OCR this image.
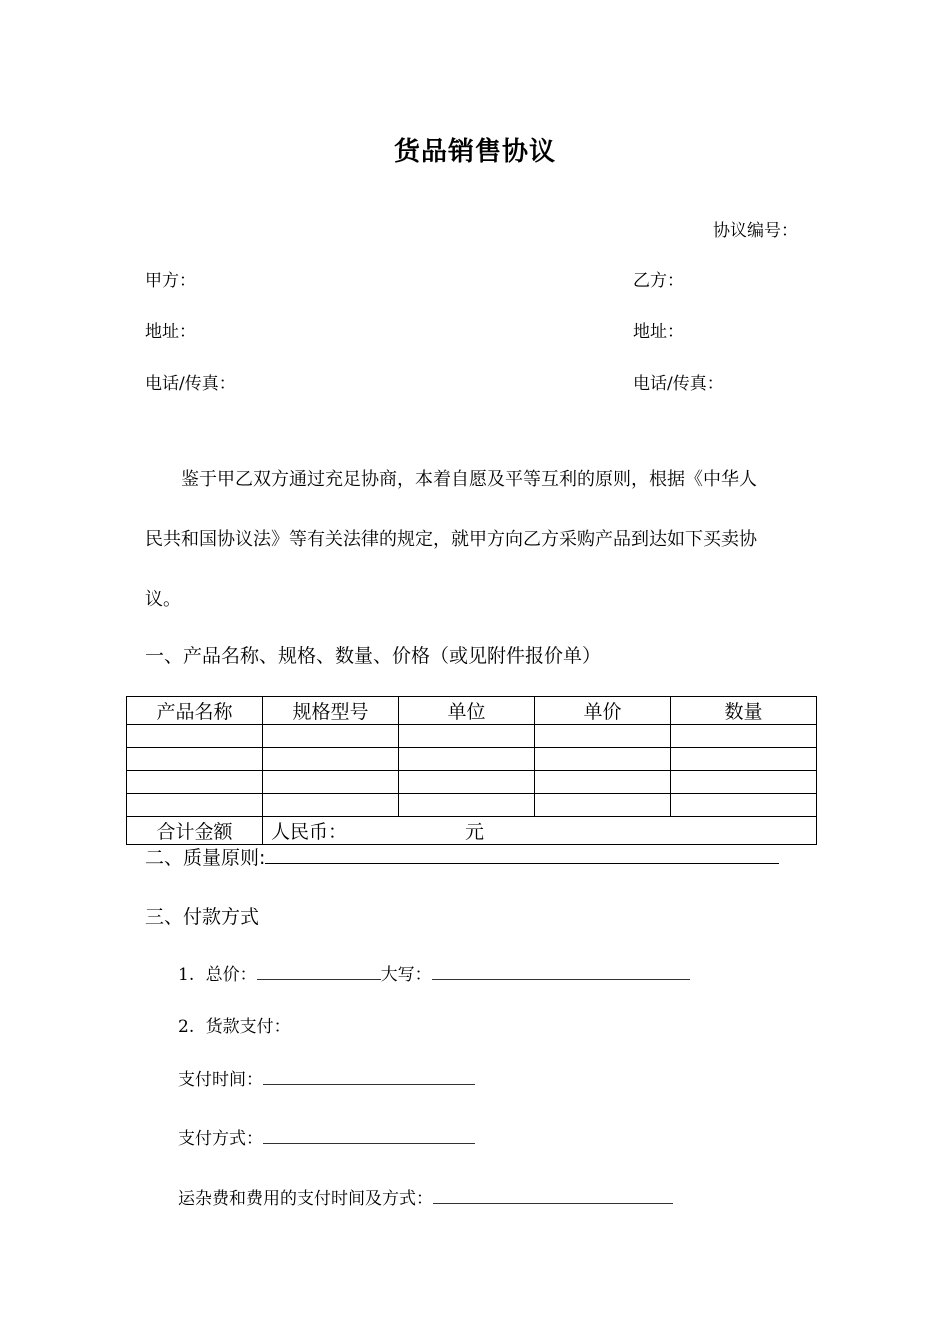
货品销售协议
协议编号：
甲方：	乙方：
地址：	地址：
电话/传真：	电话/传真：

鉴于甲乙双方通过充足协商，本着自愿及平等互利的原则，根据《中华人

民共和国协议法》等有关法律的规定，就甲方向乙方采购产品到达如下买卖协

议。

一、产品名称、规格、数量、价格（或见附件报价单）
产品名称	规格型号	单位	单价	数量

合计金额	人民币： 元			
二、质量原则:
三、付款方式
1. 总价：	大写：
2. 货款支付：
支付时间：
支付方式：
运杂费和费用的支付时间及方式：
